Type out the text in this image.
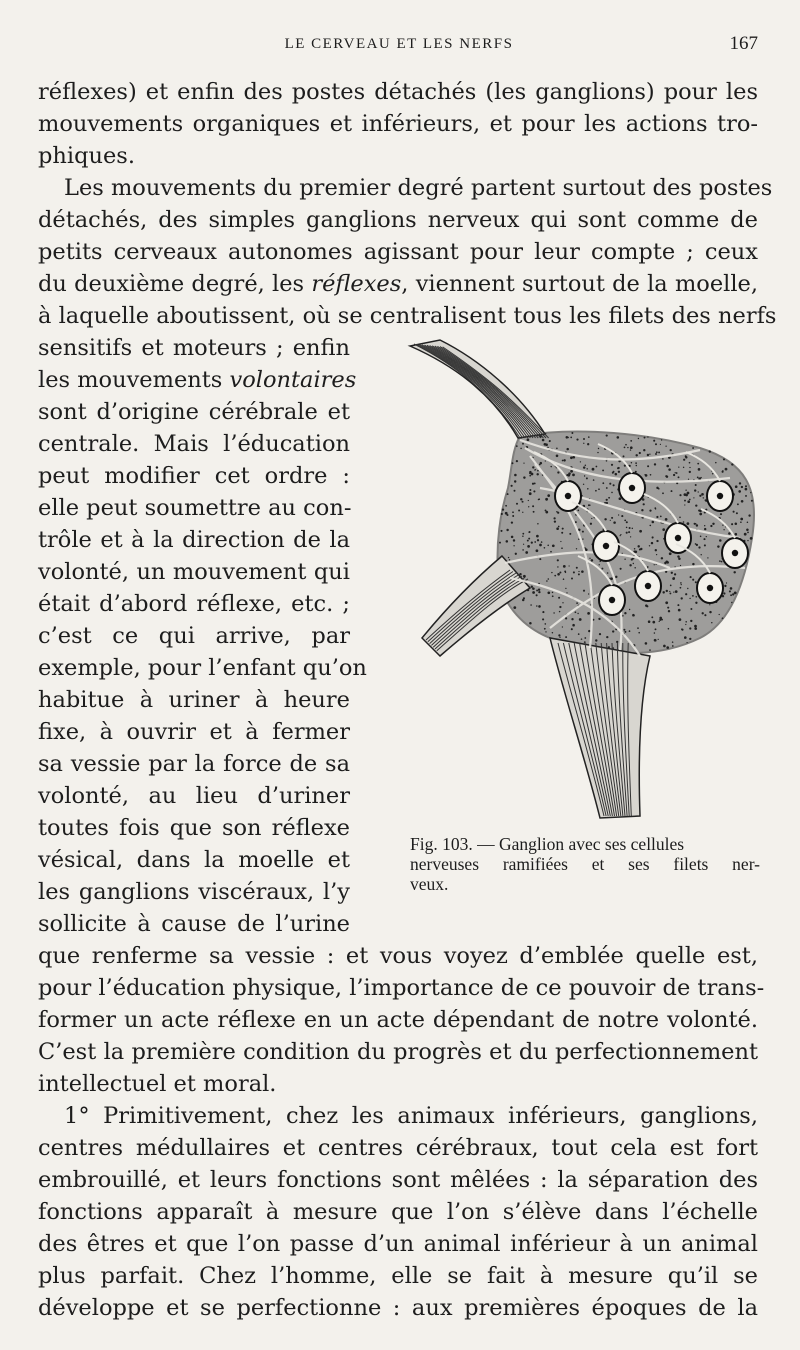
LE CERVEAU ET LES NERFS	167
réflexes) et enfin des postes détachés (les ganglions) pour les
mouvements organiques et inférieurs, et pour les actions tro-
phiques.
Les mouvements du premier degré partent surtout des postes
détachés, des simples ganglions nerveux qui sont comme de
petits cerveaux autonomes agissant pour leur compte ; ceux
du deuxième degré, les réflexes, viennent surtout de la moelle,
à laquelle aboutissent, où se centralisent tous les filets des nerfs
sensitifs et moteurs ; enfin
les mouvements volontaires
sont d’origine cérébrale et
centrale. Mais l’éducation
peut modifier cet ordre :
elle peut soumettre au con-
trôle et à la direction de la
volonté, un mouvement qui
était d’abord réflexe, etc. ;
c’est ce qui arrive, par
exemple, pour l’enfant qu’on
habitue à uriner à heure
fixe, à ouvrir et à fermer
sa vessie par la force de sa
volonté, au lieu d’uriner
toutes fois que son réflexe
vésical, dans la moelle et
les ganglions viscéraux, l’y
sollicite à cause de l’urine
Fig. 103. — Ganglion avec ses cellules
nerveuses ramifiées et ses filets ner-
veux.
que renferme sa vessie : et vous voyez d’emblée quelle est,
pour l’éducation physique, l’importance de ce pouvoir de trans-
former un acte réflexe en un acte dépendant de notre volonté.
C’est la première condition du progrès et du perfectionnement
intellectuel et moral.
1° Primitivement, chez les animaux inférieurs, ganglions,
centres médullaires et centres cérébraux, tout cela est fort
embrouillé, et leurs fonctions sont mêlées : la séparation des
fonctions apparaît à mesure que l’on s’élève dans l’échelle
des êtres et que l’on passe d’un animal inférieur à un animal
plus parfait. Chez l’homme, elle se fait à mesure qu’il se
développe et se perfectionne : aux premières époques de la
